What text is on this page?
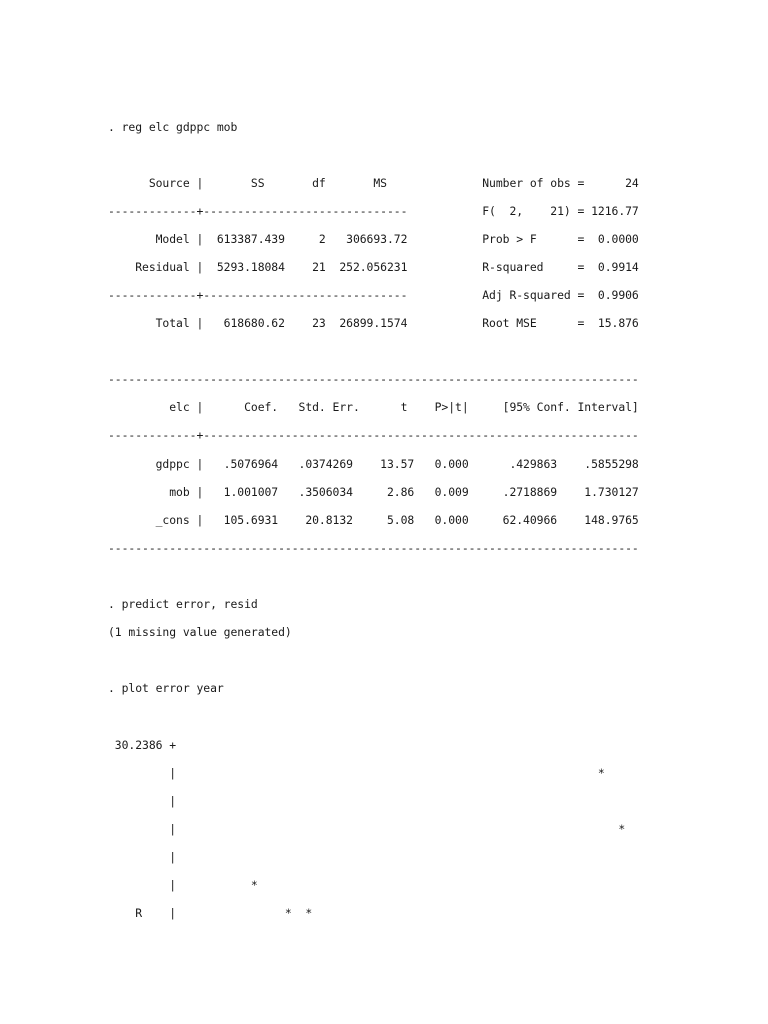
. reg elc gdppc mob
Source |       SS       df       MS              Number of obs =      24
-------------+------------------------------           F(  2,    21) = 1216.77
Model |  613387.439     2   306693.72           Prob > F      =  0.0000
Residual |  5293.18084    21  252.056231           R-squared     =  0.9914
-------------+------------------------------           Adj R-squared =  0.9906
Total |   618680.62    23  26899.1574           Root MSE      =  15.876
------------------------------------------------------------------------------
elc |      Coef.   Std. Err.      t    P>|t|     [95% Conf. Interval]
-------------+----------------------------------------------------------------
gdppc |   .5076964   .0374269    13.57   0.000      .429863    .5855298
mob |   1.001007   .3506034     2.86   0.009     .2718869    1.730127
_cons |   105.6931    20.8132     5.08   0.000     62.40966    148.9765
------------------------------------------------------------------------------
. predict error, resid
(1 missing value generated)
. plot error year
30.2386 +
|                                                              *
|
|                                                                 *
|
|           *
R    |                *  *
